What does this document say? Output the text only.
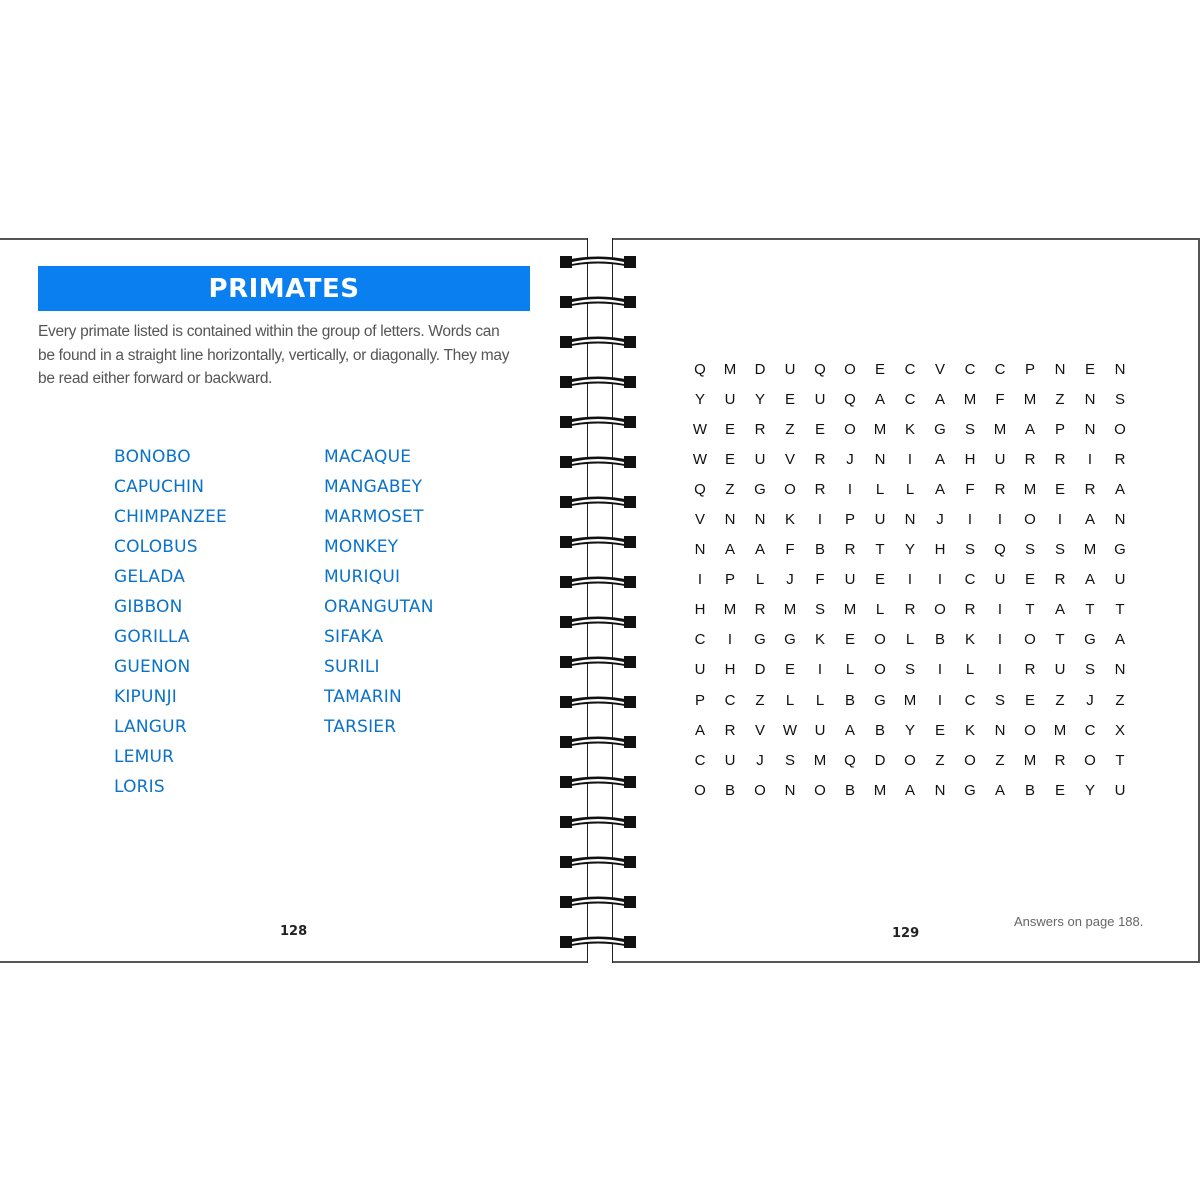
PRIMATES
Every primate listed is contained within the group of letters. Words can be found in a straight line horizontally, vertically, or diagonally. They may be read either forward or backward.
BONOBO
CAPUCHIN
CHIMPANZEE
COLOBUS
GELADA
GIBBON
GORILLA
GUENON
KIPUNJI
LANGUR
LEMUR
LORIS
MACAQUE
MANGABEY
MARMOSET
MONKEY
MURIQUI
ORANGUTAN
SIFAKA
SURILI
TAMARIN
TARSIER
128
Q	M	D	U	Q	O	E	C	V	C	C	P	N	E	N
Y	U	Y	E	U	Q	A	C	A	M	F	M	Z	N	S
W	E	R	Z	E	O	M	K	G	S	M	A	P	N	O
W	E	U	V	R	J	N	I	A	H	U	R	R	I	R
Q	Z	G	O	R	I	L	L	A	F	R	M	E	R	A
V	N	N	K	I	P	U	N	J	I	I	O	I	A	N
N	A	A	F	B	R	T	Y	H	S	Q	S	S	M	G
I	P	L	J	F	U	E	I	I	C	U	E	R	A	U
H	M	R	M	S	M	L	R	O	R	I	T	A	T	T
C	I	G	G	K	E	O	L	B	K	I	O	T	G	A
U	H	D	E	I	L	O	S	I	L	I	R	U	S	N
P	C	Z	L	L	B	G	M	I	C	S	E	Z	J	Z
A	R	V	W	U	A	B	Y	E	K	N	O	M	C	X
C	U	J	S	M	Q	D	O	Z	O	Z	M	R	O	T
O	B	O	N	O	B	M	A	N	G	A	B	E	Y	U
Answers on page 188.
129
